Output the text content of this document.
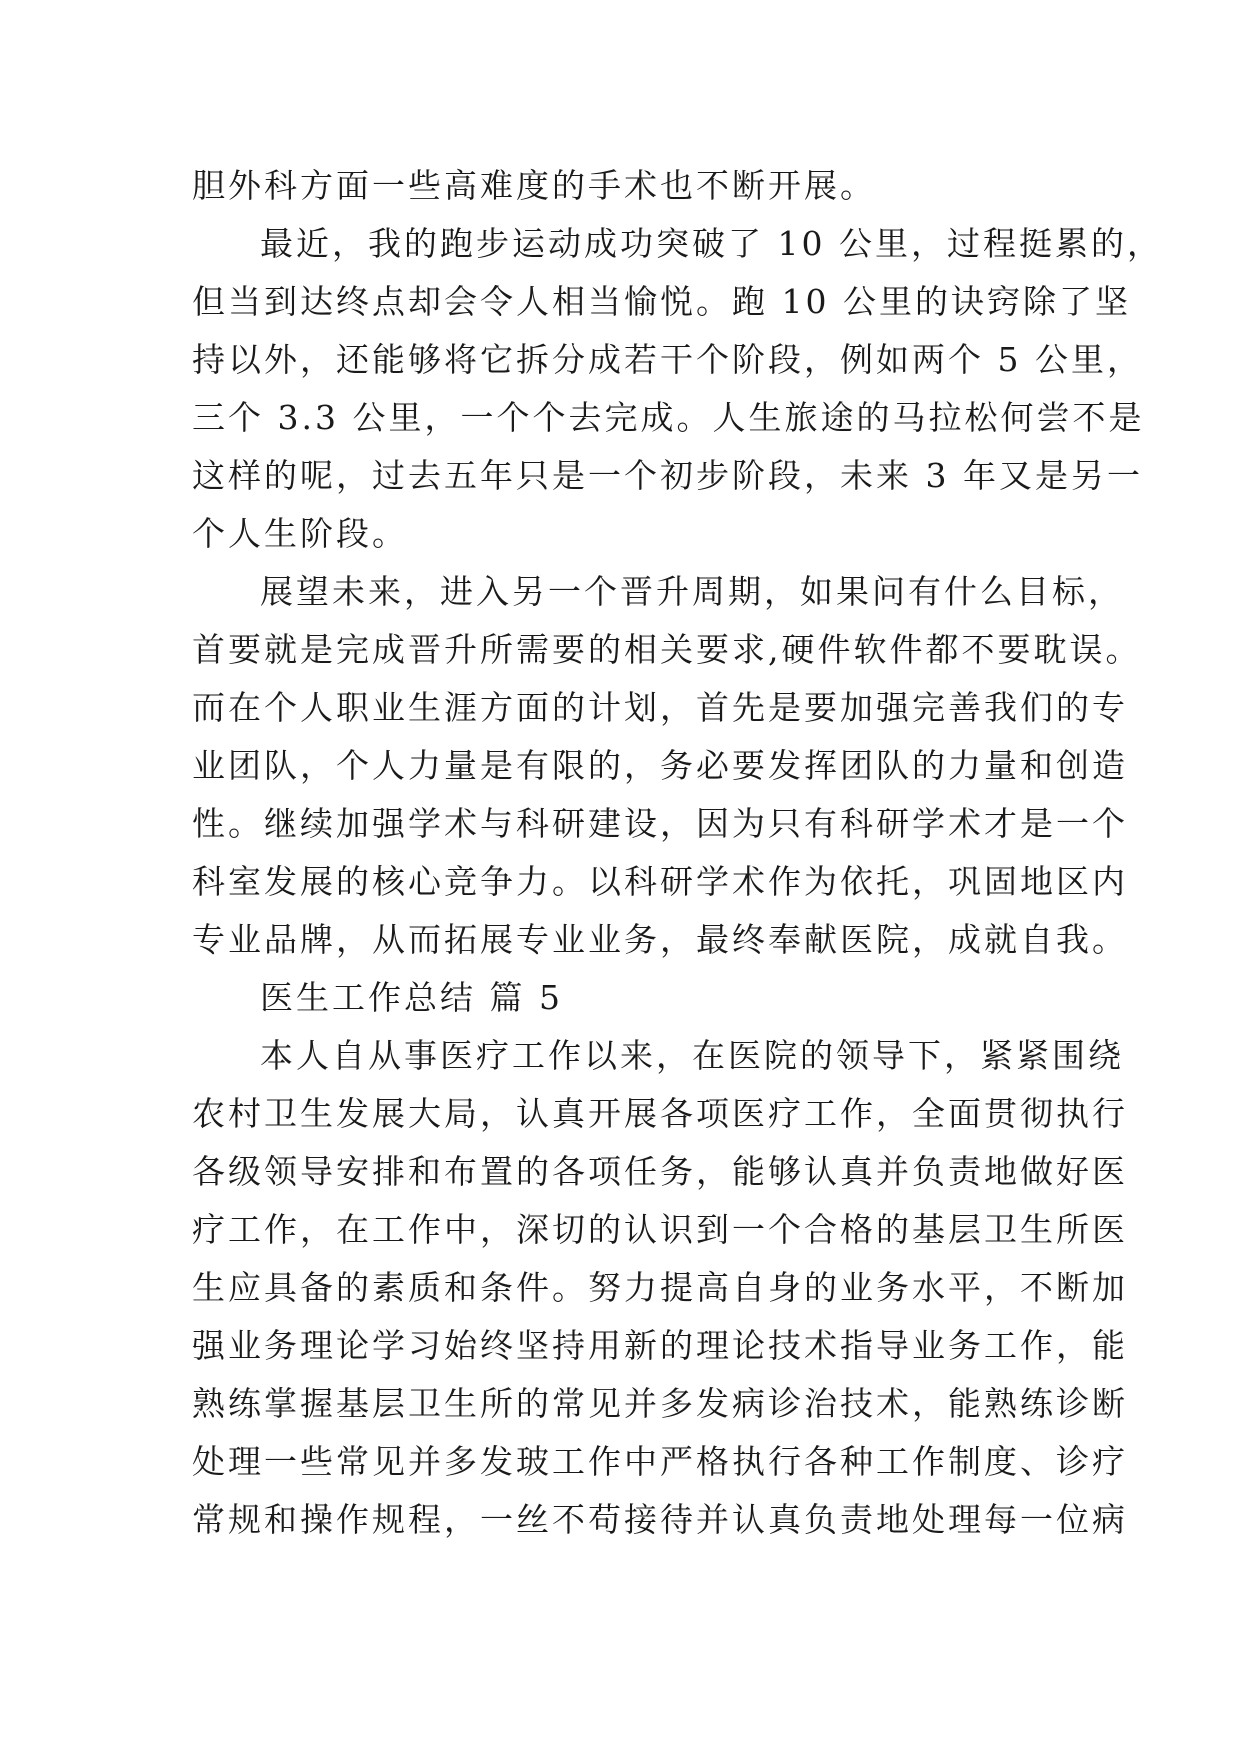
胆外科方面一些高难度的手术也不断开展。
最近，我的跑步运动成功突破了 10 公里，过程挺累的，
但当到达终点却会令人相当愉悦。跑 10 公里的诀窍除了坚
持以外，还能够将它拆分成若干个阶段，例如两个 5 公里，
三个 3.3 公里，一个个去完成。人生旅途的马拉松何尝不是
这样的呢，过去五年只是一个初步阶段，未来 3 年又是另一
个人生阶段。
展望未来，进入另一个晋升周期，如果问有什么目标，
首要就是完成晋升所需要的相关要求,硬件软件都不要耽误。
而在个人职业生涯方面的计划，首先是要加强完善我们的专
业团队，个人力量是有限的，务必要发挥团队的力量和创造
性。继续加强学术与科研建设，因为只有科研学术才是一个
科室发展的核心竞争力。以科研学术作为依托，巩固地区内
专业品牌，从而拓展专业业务，最终奉献医院，成就自我。
医生工作总结 篇 5
本人自从事医疗工作以来，在医院的领导下，紧紧围绕
农村卫生发展大局，认真开展各项医疗工作，全面贯彻执行
各级领导安排和布置的各项任务，能够认真并负责地做好医
疗工作，在工作中，深切的认识到一个合格的基层卫生所医
生应具备的素质和条件。努力提高自身的业务水平，不断加
强业务理论学习始终坚持用新的理论技术指导业务工作，能
熟练掌握基层卫生所的常见并多发病诊治技术，能熟练诊断
处理一些常见并多发玻工作中严格执行各种工作制度、诊疗
常规和操作规程，一丝不苟接待并认真负责地处理每一位病
